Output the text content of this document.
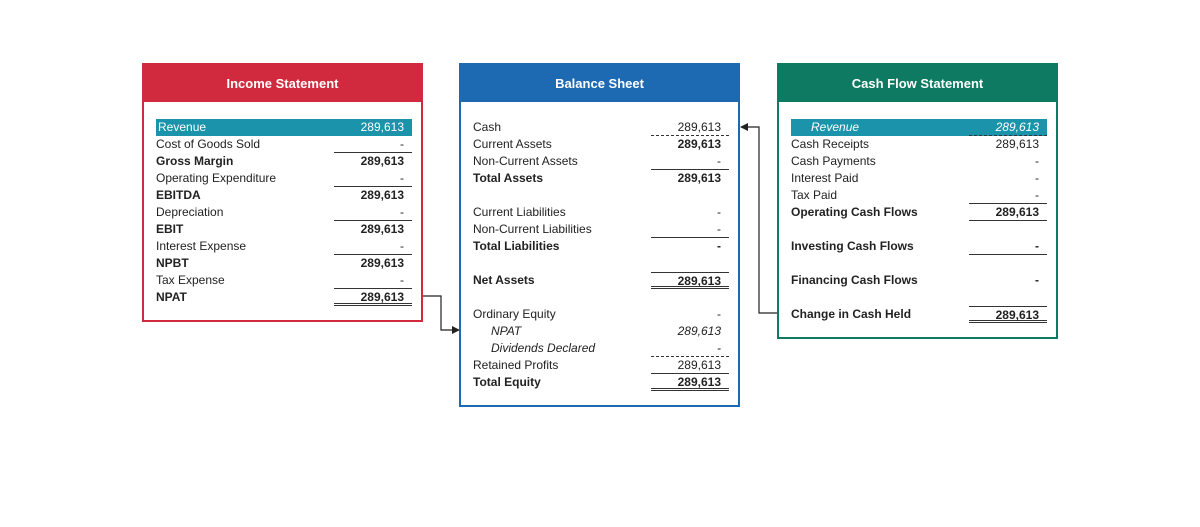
Income Statement
Revenue	289,613
Cost of Goods Sold	-
Gross Margin	289,613
Operating Expenditure	-
EBITDA	289,613
Depreciation	-
EBIT	289,613
Interest Expense	-
NPBT	289,613
Tax Expense	-
NPAT	289,613
Balance Sheet
Cash	289,613
Current Assets	289,613
Non-Current Assets	-
Total Assets	289,613
Current Liabilities	-
Non-Current Liabilities	-
Total Liabilities	-
Net Assets	289,613
Ordinary Equity	-
NPAT	289,613
Dividends Declared	-
Retained Profits	289,613
Total Equity	289,613
Cash Flow Statement
Revenue	289,613
Cash Receipts	289,613
Cash Payments	-
Interest Paid	-
Tax Paid	-
Operating Cash Flows	289,613
Investing Cash Flows	-
Financing Cash Flows	-
Change in Cash Held	289,613
